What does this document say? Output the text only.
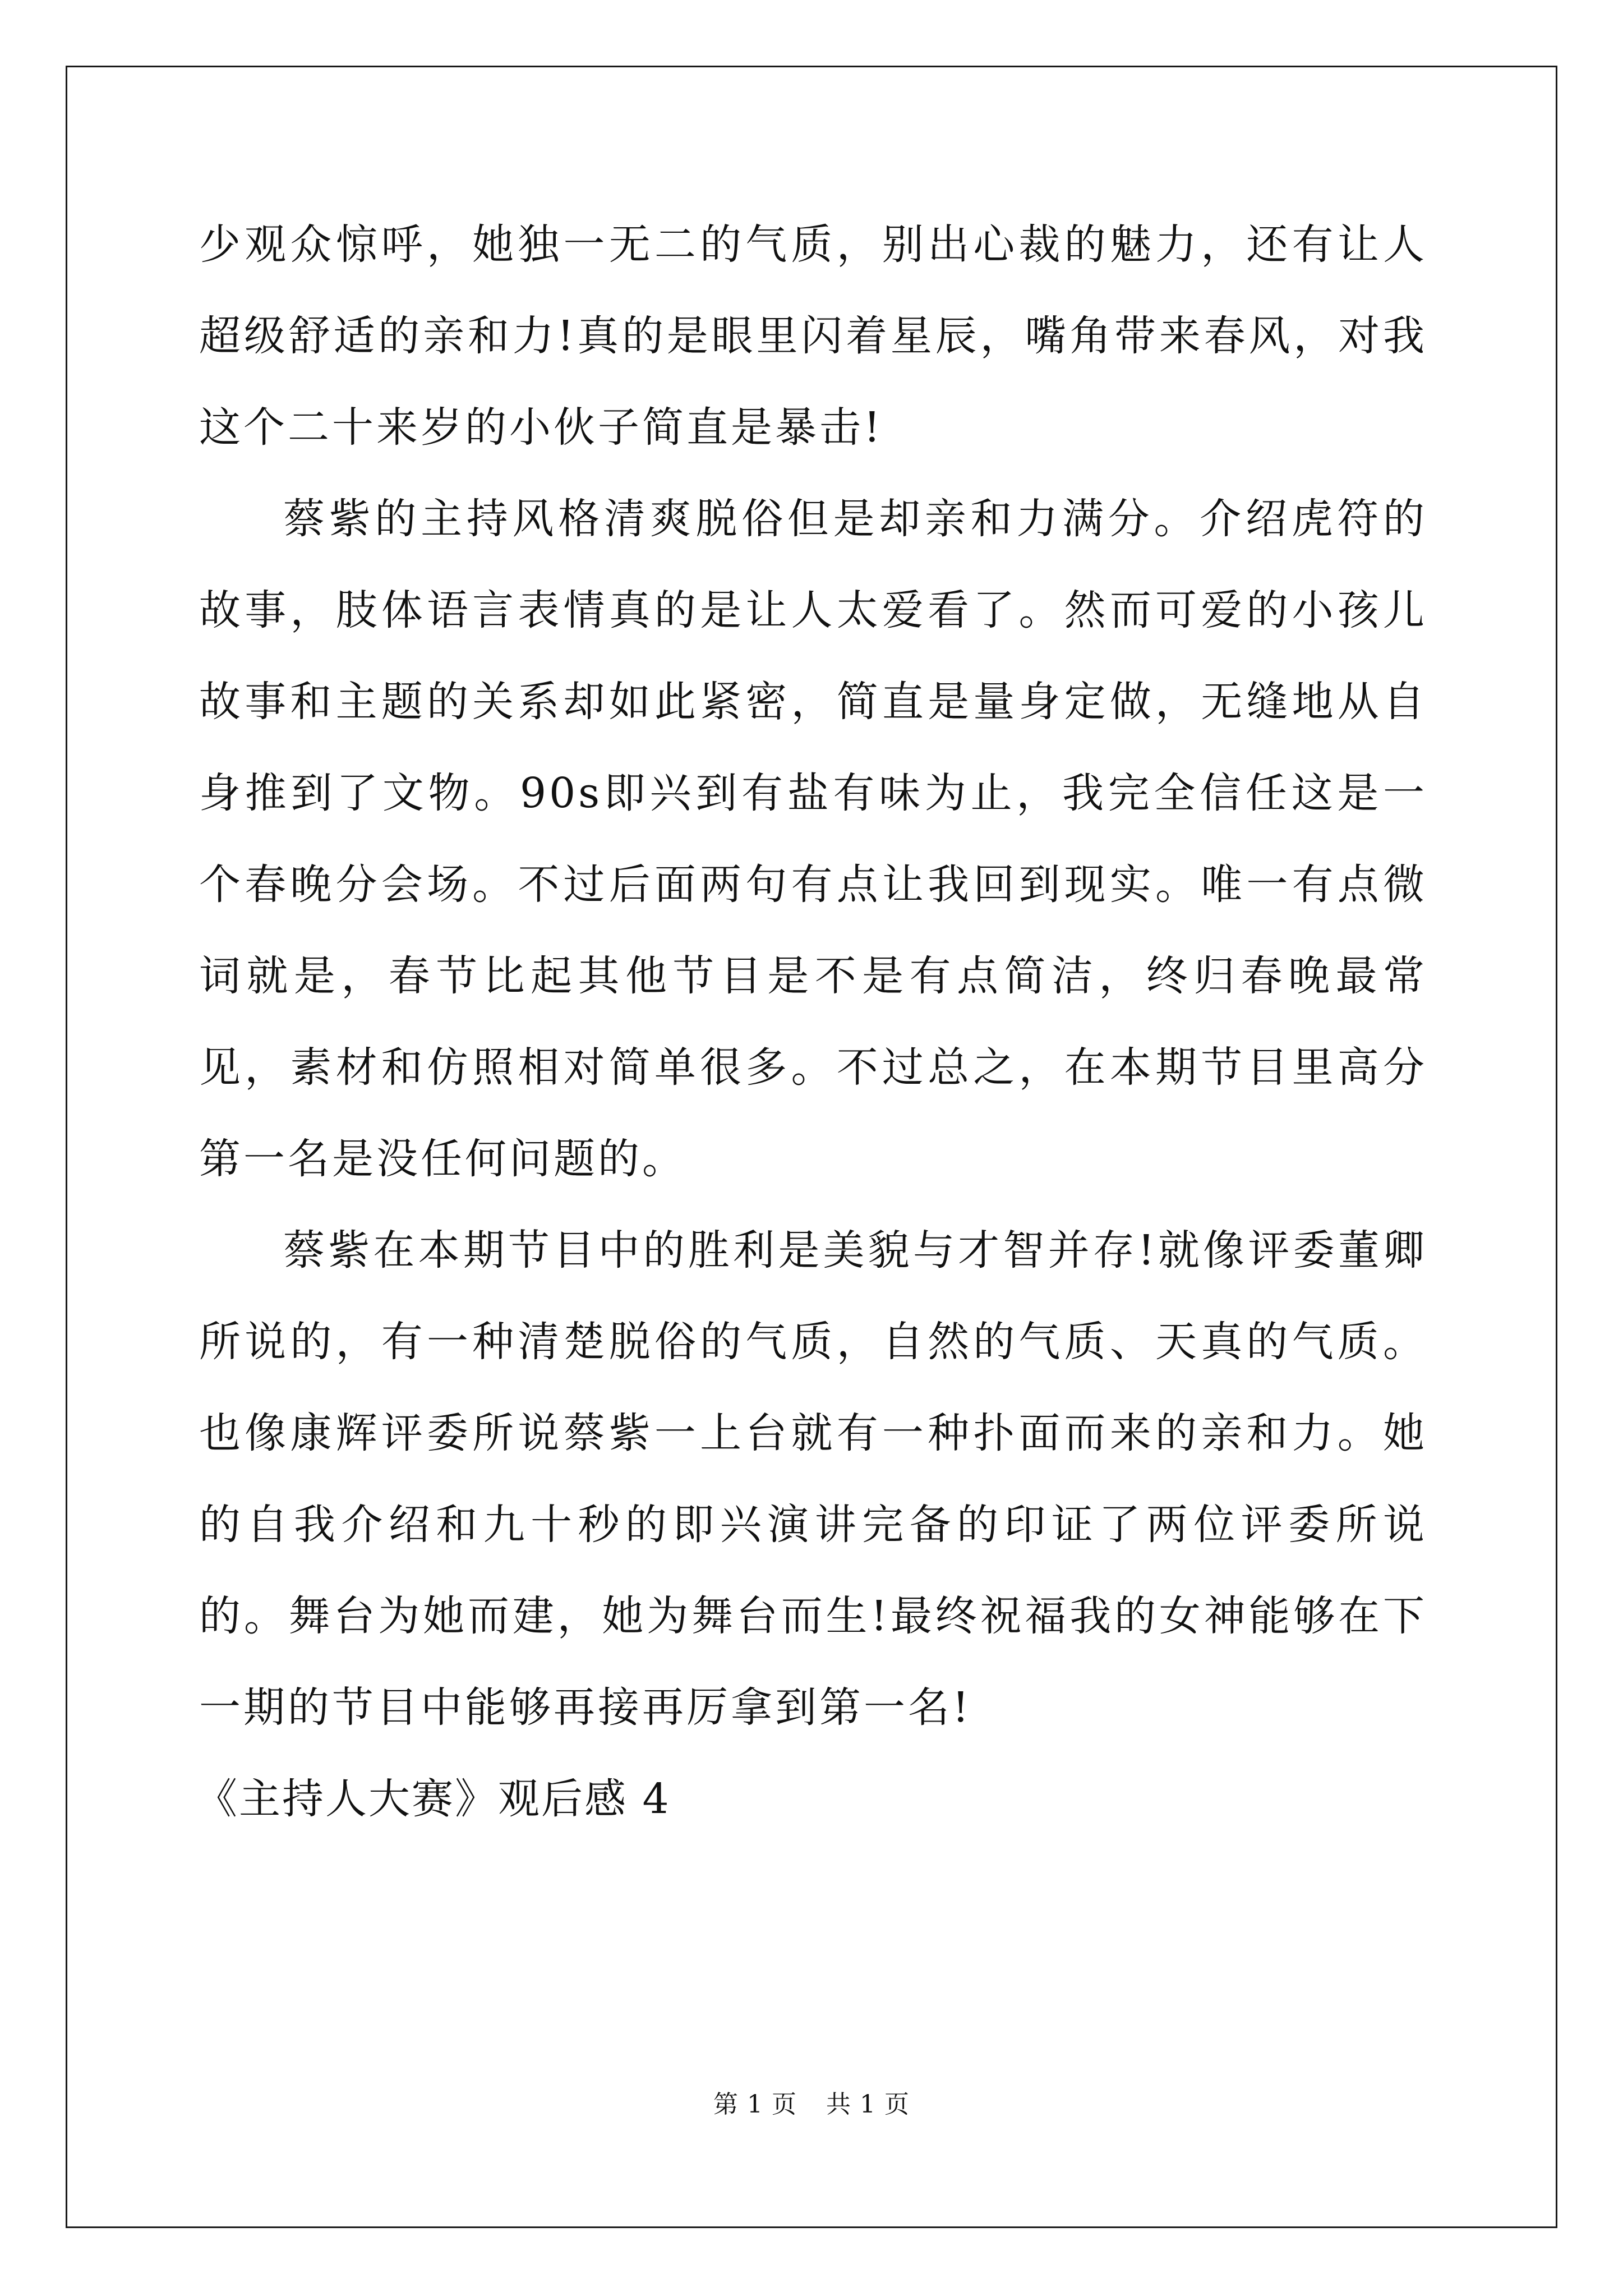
少观众惊呼，她独一无二的气质，别出心裁的魅力，还有让人超级舒适的亲和力!真的是眼里闪着星辰，嘴角带来春风，对我这个二十来岁的小伙子简直是暴击!

蔡紫的主持风格清爽脱俗但是却亲和力满分。介绍虎符的故事，肢体语言表情真的是让人太爱看了。然而可爱的小孩儿故事和主题的关系却如此紧密，简直是量身定做，无缝地从自身推到了文物。90s即兴到有盐有味为止，我完全信任这是一个春晚分会场。不过后面两句有点让我回到现实。唯一有点微词就是，春节比起其他节目是不是有点简洁，终归春晚最常见，素材和仿照相对简单很多。不过总之，在本期节目里高分第一名是没任何问题的。

蔡紫在本期节目中的胜利是美貌与才智并存!就像评委董卿所说的，有一种清楚脱俗的气质，自然的气质、天真的气质。也像康辉评委所说蔡紫一上台就有一种扑面而来的亲和力。她的自我介绍和九十秒的即兴演讲完备的印证了两位评委所说的。舞台为她而建，她为舞台而生!最终祝福我的女神能够在下一期的节目中能够再接再厉拿到第一名!

《主持人大赛》观后感 4

第 1 页 共 1 页
